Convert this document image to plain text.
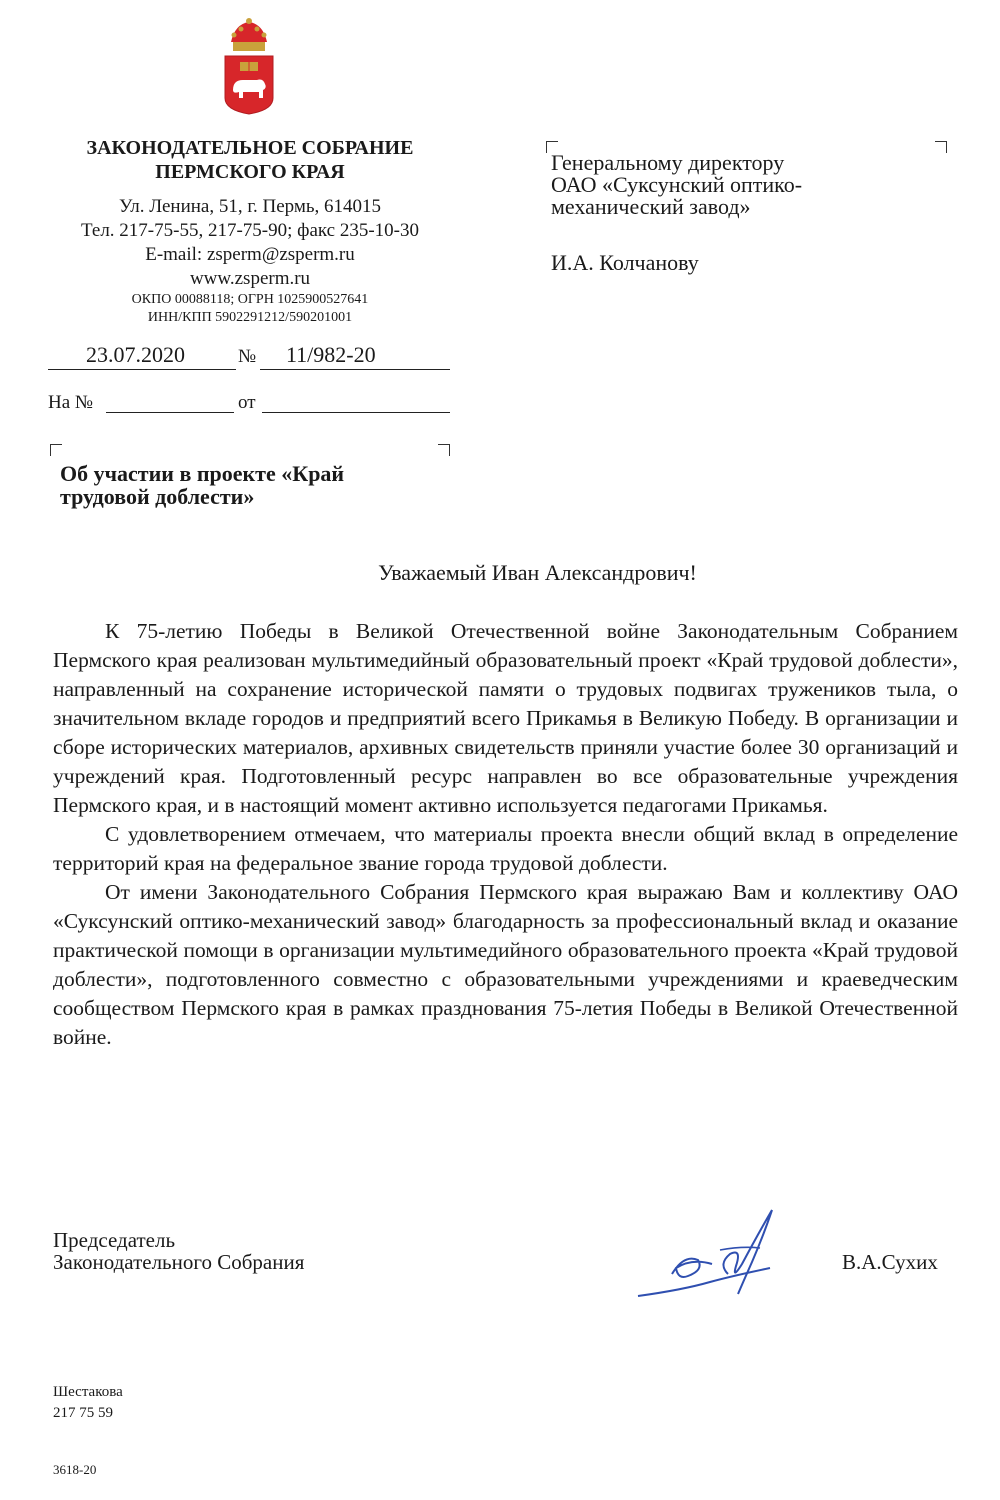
ЗАКОНОДАТЕЛЬНОЕ СОБРАНИЕ
ПЕРМСКОГО КРАЯ
Ул. Ленина, 51, г. Пермь, 614015
Тел. 217-75-55, 217-75-90; факс 235-10-30
E-mail: zsperm@zsperm.ru
www.zsperm.ru
ОКПО 00088118; ОГРН 1025900527641
ИНН/КПП 5902291212/590201001
23.07.2020	№ 11/982-20
На №	от
Об участии в проекте «Край
трудовой доблести»
Генеральному директору
ОАО «Суксунский оптико-
механический завод»
И.А. Колчанову
Уважаемый Иван Александрович!

К 75-летию Победы в Великой Отечественной войне Законодательным Собранием Пермского края реализован мультимедийный образовательный проект «Край трудовой доблести», направленный на сохранение исторической памяти о трудовых подвигах тружеников тыла, о значительном вкладе городов и предприятий всего Прикамья в Великую Победу. В организации и сборе исторических материалов, архивных свидетельств приняли участие более 30 организаций и учреждений края. Подготовленный ресурс направлен во все образовательные учреждения Пермского края, и в настоящий момент активно используется педагогами Прикамья.

С удовлетворением отмечаем, что материалы проекта внесли общий вклад в определение территорий края на федеральное звание города трудовой доблести.

От имени Законодательного Собрания Пермского края выражаю Вам и коллективу ОАО «Суксунский оптико-механический завод» благодарность за профессиональный вклад и оказание практической помощи в организации мультимедийного образовательного проекта «Край трудовой доблести», подготовленного совместно с образовательными учреждениями и краеведческим сообществом Пермского края в рамках празднования 75-летия Победы в Великой Отечественной войне.

Председатель
Законодательного Собрания	В.А.Сухих
Шестакова
217 75 59
3618-20
